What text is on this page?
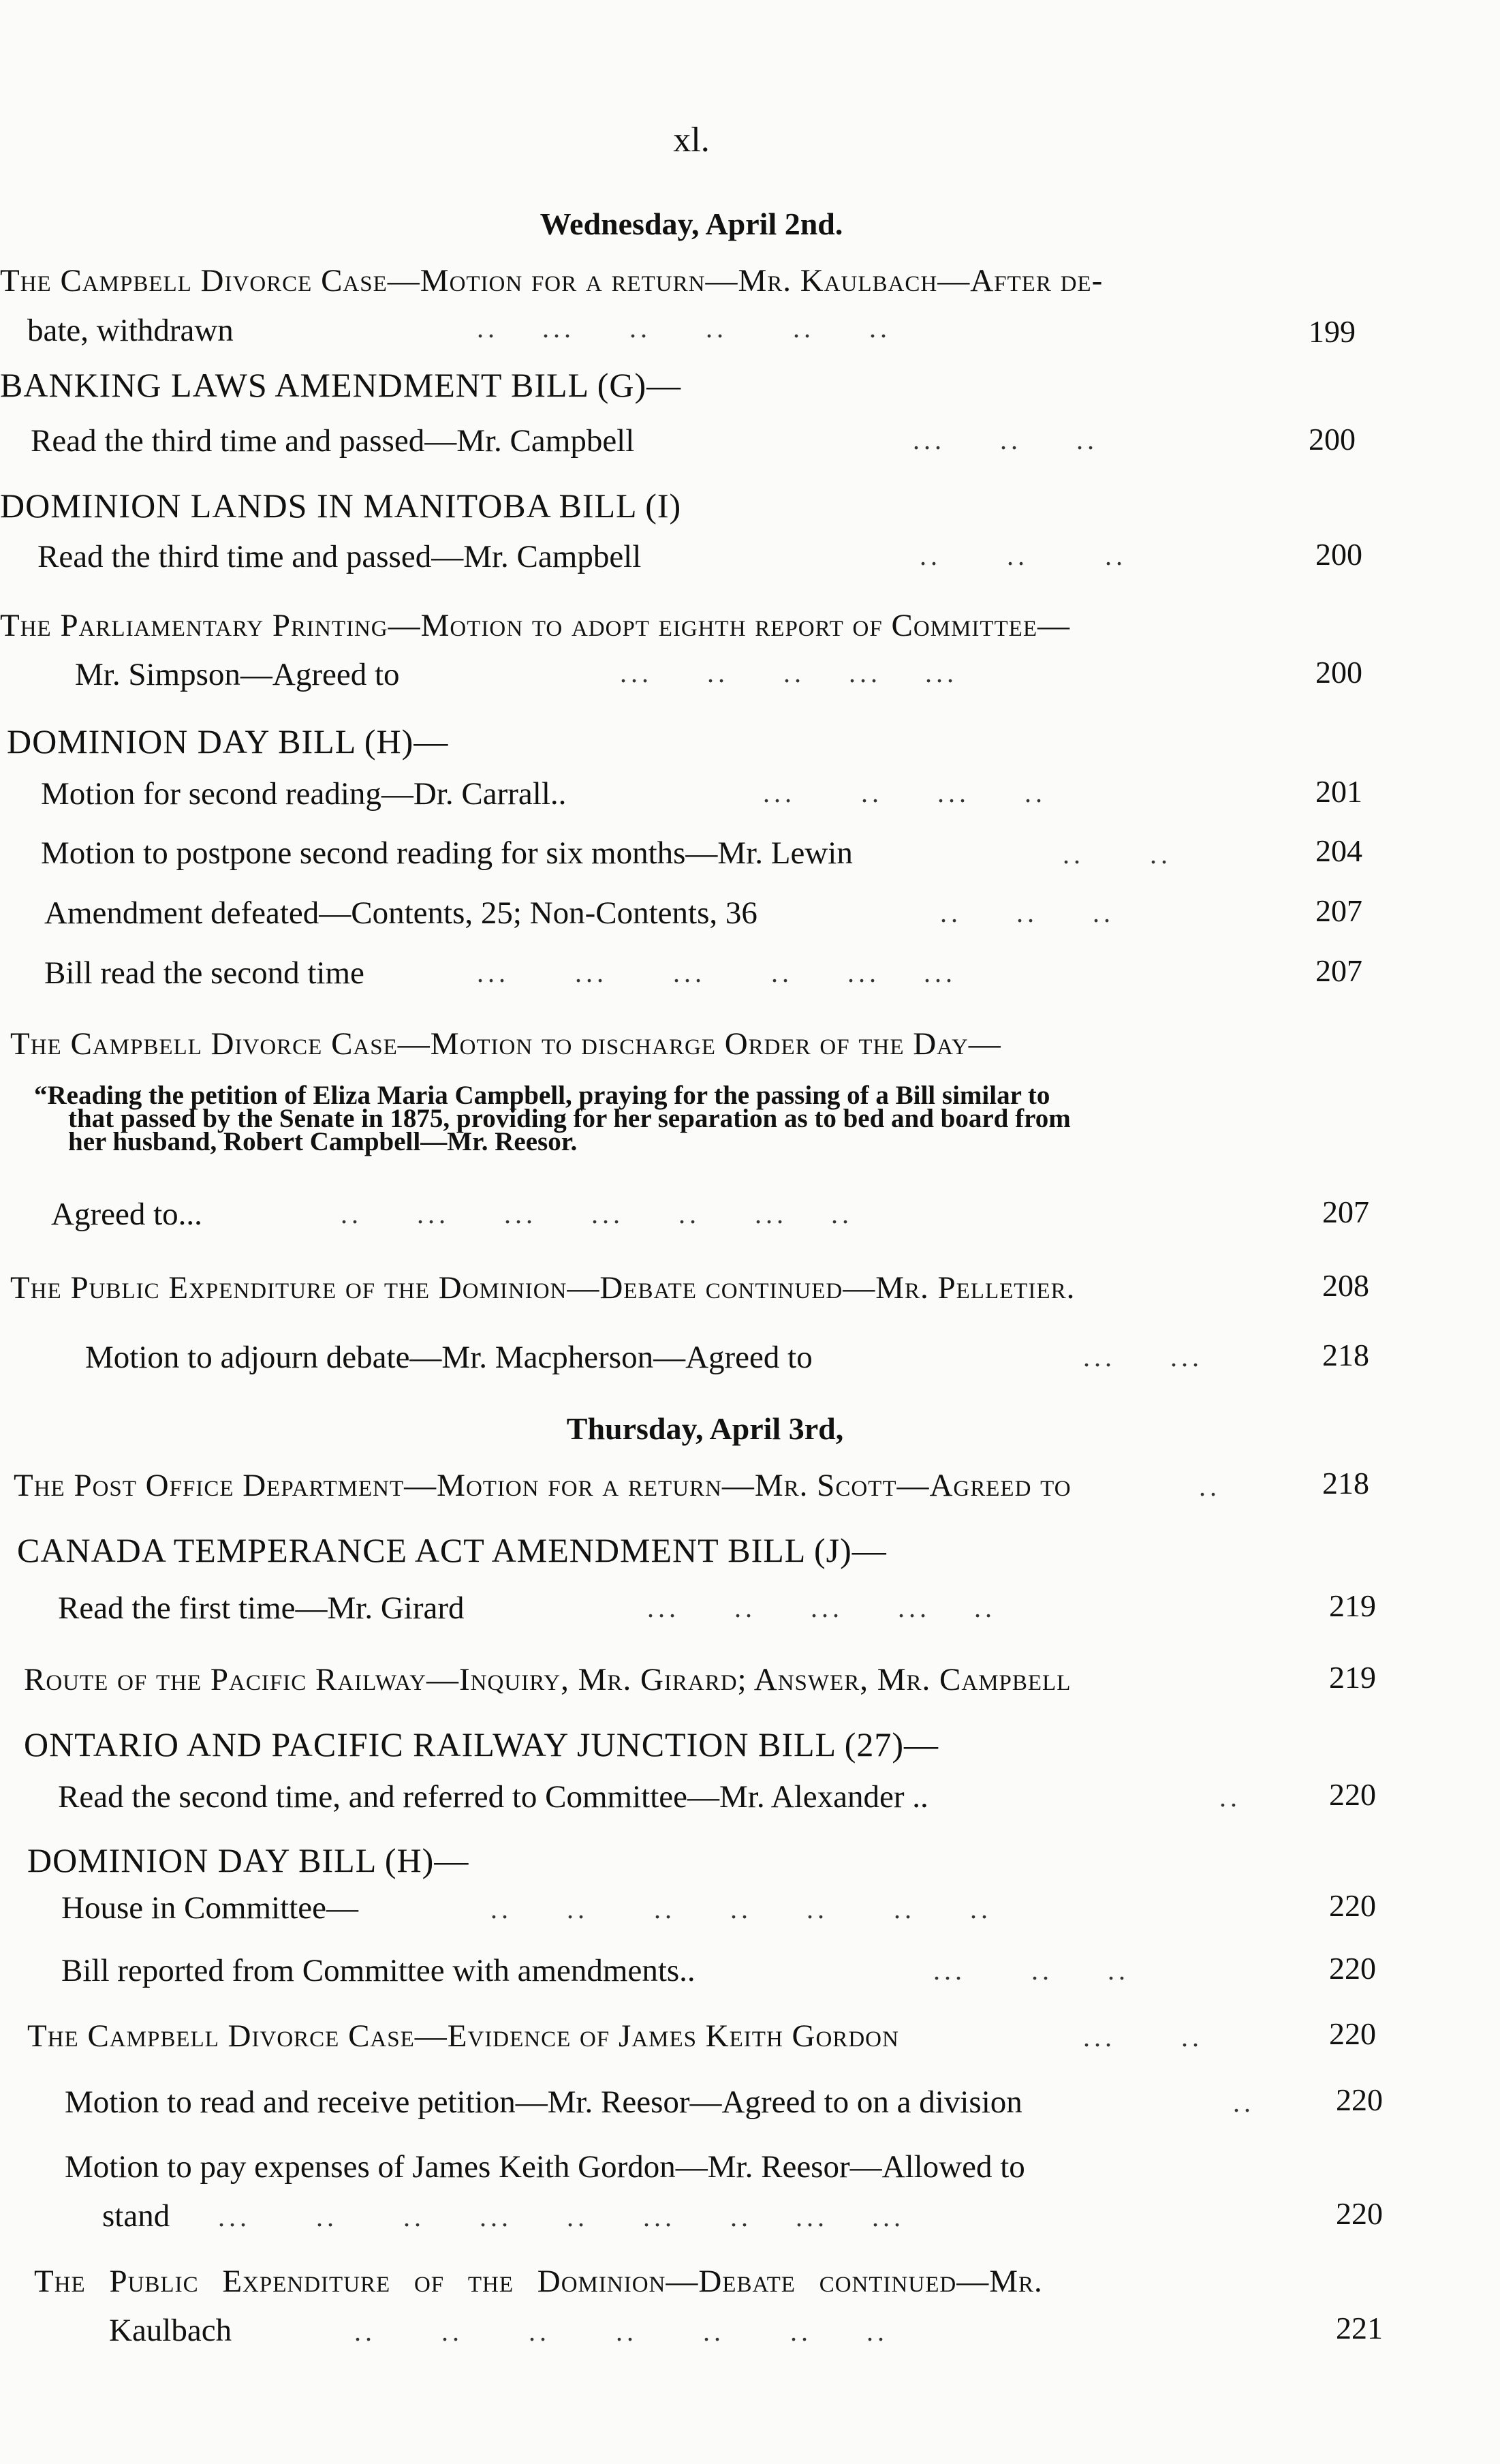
xl.
Wednesday, April 2nd.
The Campbell Divorce Case—Motion for a return—Mr. Kaulbach—After de-
bate, withdrawn	..    ...     ..     ..      ..     ..	199
BANKING LAWS AMENDMENT BILL (G)—
Read the third time and passed—Mr. Campbell	...     ..     ..	200
DOMINION LANDS IN MANITOBA BILL (I)
Read the third time and passed—Mr. Campbell	..      ..       ..	200
The Parliamentary Printing—Motion to adopt eighth report of Committee—
Mr. Simpson—Agreed to	...     ..     ..    ...    ...	200
DOMINION DAY BILL (H)—
Motion for second reading—Dr. Carrall..	...      ..     ...     ..	201
Motion to postpone second reading for six months—Mr. Lewin	..      ..	204
Amendment defeated—Contents, 25; Non-Contents, 36	..     ..     ..	207
Bill read the second time	...      ...      ...      ..     ...    ...	207
The Campbell Divorce Case—Motion to discharge Order of the Day—
“Reading the petition of Eliza Maria Campbell, praying for the passing of a Bill similar to
that passed by the Senate in 1875, providing for her separation as to bed and board from
her husband, Robert Campbell—Mr. Reesor.
Agreed to...	..     ...     ...     ...     ..     ...    ..	207
The Public Expenditure of the Dominion—Debate continued—Mr. Pelletier.	208
Motion to adjourn debate—Mr. Macpherson—Agreed to	...     ...	218
Thursday, April 3rd,
The Post Office Department—Motion for a return—Mr. Scott—Agreed to	..	218
CANADA TEMPERANCE ACT AMENDMENT BILL (J)—
Read the first time—Mr. Girard	...     ..     ...     ...    ..	219
Route of the Pacific Railway—Inquiry, Mr. Girard; Answer, Mr. Campbell	219
ONTARIO AND PACIFIC RAILWAY JUNCTION BILL (27)—
Read the second time, and referred to Committee—Mr. Alexander ..	..	220
DOMINION DAY BILL (H)—
House in Committee—	..     ..      ..     ..     ..      ..     ..	220
Bill reported from Committee with amendments..	...      ..     ..	220
The Campbell Divorce Case—Evidence of James Keith Gordon	...      ..	220
Motion to read and receive petition—Mr. Reesor—Agreed to on a division	..	220
Motion to pay expenses of James Keith Gordon—Mr. Reesor—Allowed to
stand ...      ..      ..     ...     ..     ...     ..    ...    ...	220
The Public Expenditure of the Dominion—Debate continued—Mr.
Kaulbach	..      ..      ..      ..      ..      ..     ..	221
